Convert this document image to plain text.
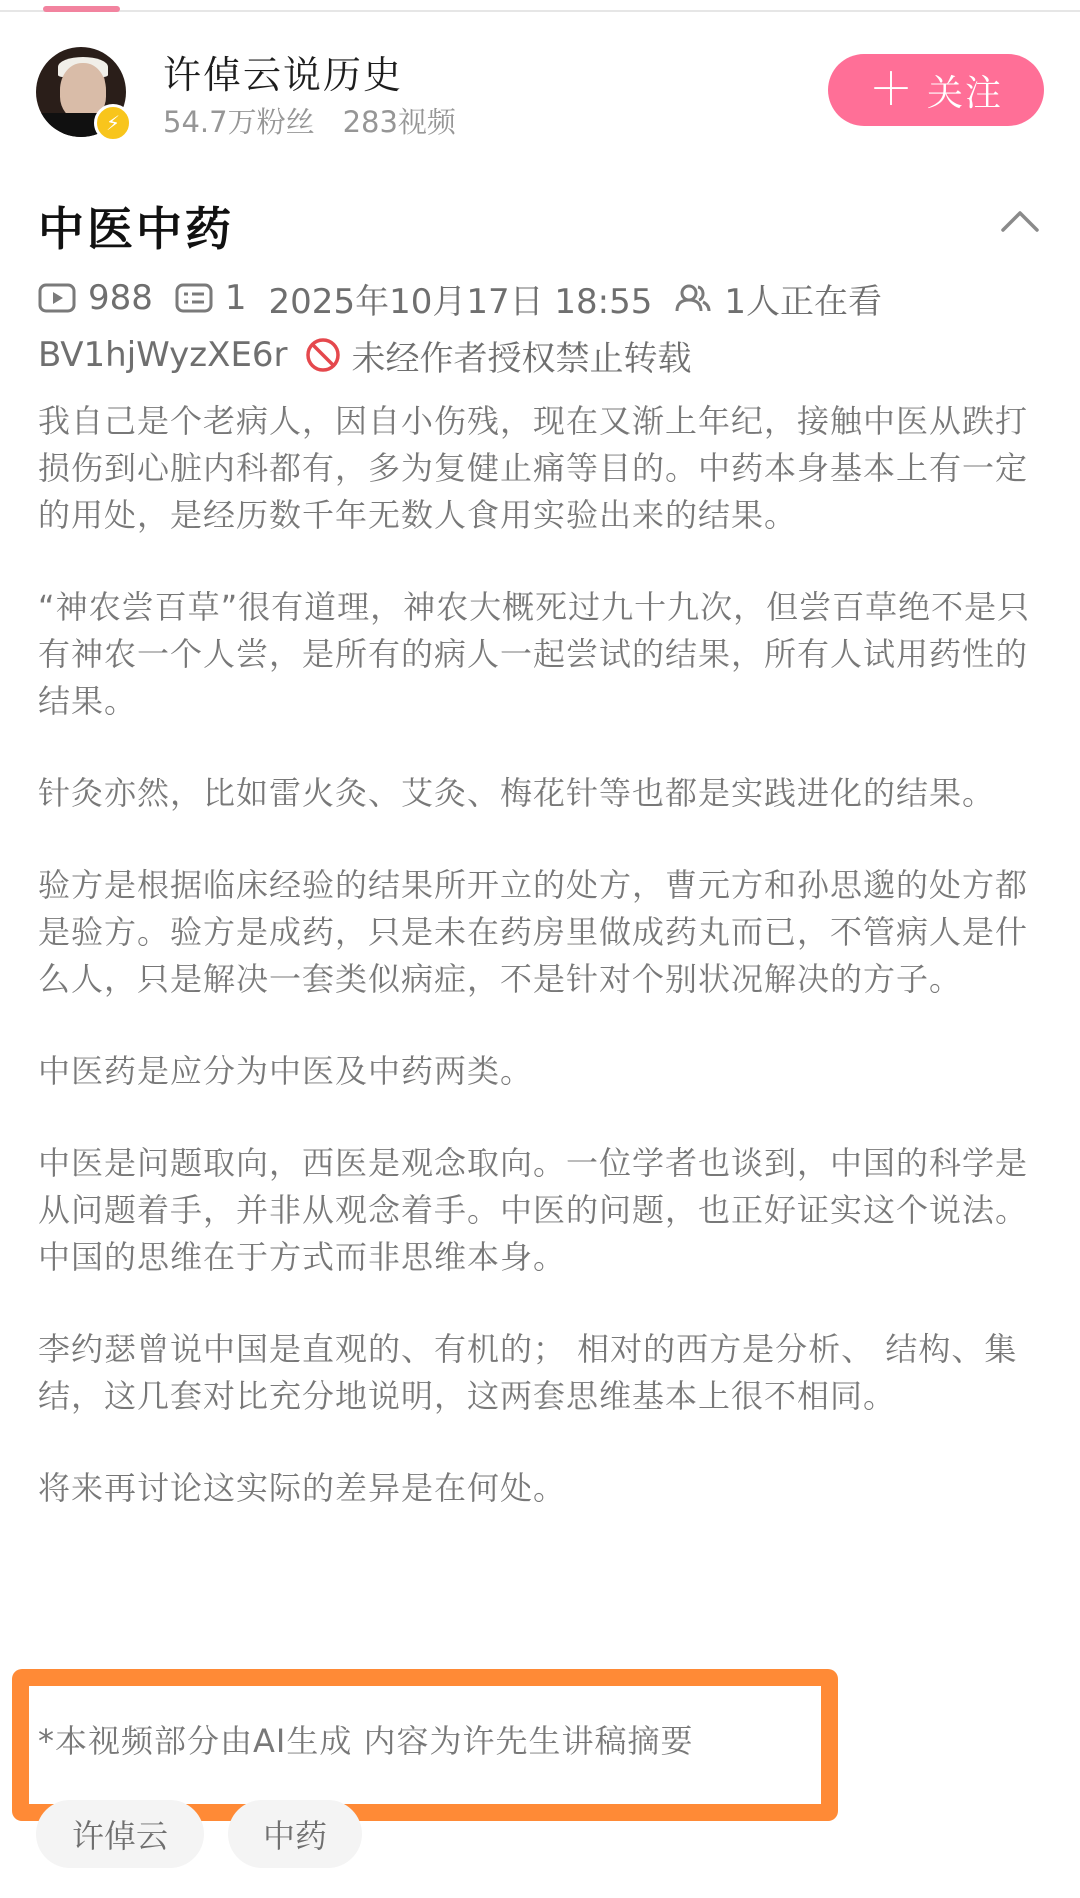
⚡
许倬云说历史
54.7万粉丝 283视频
＋ 关注
中医中药
988 1 2025年10月17日 18:55 1人正在看
BV1hjWyzXE6r 未经作者授权禁止转载

我自己是个老病人，因自小伤残，现在又渐上年纪，接触中医从跌打损伤到心脏内科都有，多为复健止痛等目的。中药本身基本上有一定的用处，是经历数千年无数人食用实验出来的结果。

“神农尝百草”很有道理，神农大概死过九十九次，但尝百草绝不是只有神农一个人尝，是所有的病人一起尝试的结果，所有人试用药性的结果。

针灸亦然，比如雷火灸、艾灸、梅花针等也都是实践进化的结果。

验方是根据临床经验的结果所开立的处方，曹元方和孙思邈的处方都是验方。验方是成药，只是未在药房里做成药丸而已，不管病人是什么人，只是解决一套类似病症，不是针对个别状况解决的方子。

中医药是应分为中医及中药两类。

中医是问题取向，西医是观念取向。一位学者也谈到，中国的科学是从问题着手，并非从观念着手。中医的问题，也正好证实这个说法。中国的思维在于方式而非思维本身。

李约瑟曾说中国是直观的、有机的； 相对的西方是分析、 结构、集结，这几套对比充分地说明，这两套思维基本上很不相同。

将来再讨论这实际的差异是在何处。

*本视频部分由AI生成 内容为许先生讲稿摘要
许倬云	中药
